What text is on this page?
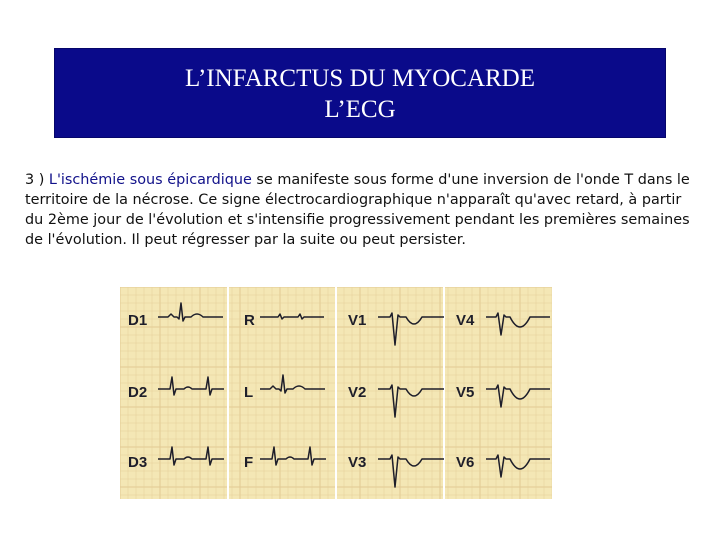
L’INFARCTUS DU MYOCARDE
L’ECG
3 ) L'ischémie sous épicardique se manifeste sous forme d'une inversion de l'onde T dans le territoire de la nécrose. Ce signe électrocardiographique n'apparaît qu'avec retard, à partir du 2ème jour de l'évolution et s'intensifie progressivement pendant les premières semaines de l'évolution. Il peut régresser par la suite ou peut persister.
D1	R	V1	V4
D2	L	V2	V5
D3	F	V3	V6
